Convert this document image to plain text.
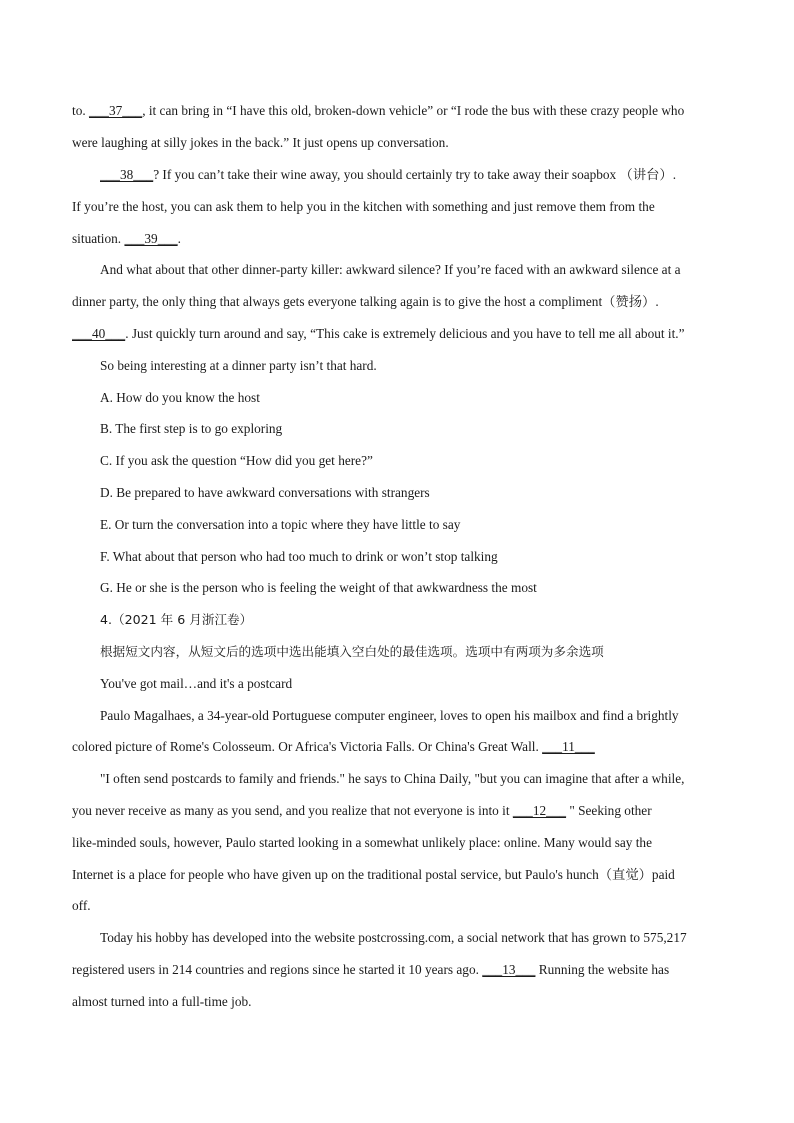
to. ___37___, it can bring in “I have this old, broken-down vehicle” or “I rode the bus with these crazy people who
were laughing at silly jokes in the back.” It just opens up conversation.
___38___? If you can’t take their wine away, you should certainly try to take away their soapbox （讲台）.
If you’re the host, you can ask them to help you in the kitchen with something and just remove them from the
situation. ___39___.
And what about that other dinner-party killer: awkward silence? If you’re faced with an awkward silence at a
dinner party, the only thing that always gets everyone talking again is to give the host a compliment（赞扬）.
___40___. Just quickly turn around and say, “This cake is extremely delicious and you have to tell me all about it.”
So being interesting at a dinner party isn’t that hard.
A. How do you know the host
B. The first step is to go exploring
C. If you ask the question “How did you get here?”
D. Be prepared to have awkward conversations with strangers
E. Or turn the conversation into a topic where they have little to say
F. What about that person who had too much to drink or won’t stop talking
G. He or she is the person who is feeling the weight of that awkwardness the most
4.（2021 年 6 月浙江卷）
根据短文内容，从短文后的选项中选出能填入空白处的最佳选项。选项中有两项为多余选项
You've got mail…and it's a postcard
Paulo Magalhaes, a 34-year-old Portuguese computer engineer, loves to open his mailbox and find a brightly
colored picture of Rome's Colosseum. Or Africa's Victoria Falls. Or China's Great Wall. ___11___
"I often send postcards to family and friends." he says to China Daily, "but you can imagine that after a while,
you never receive as many as you send, and you realize that not everyone is into it ___12___ " Seeking other
like-minded souls, however, Paulo started looking in a somewhat unlikely place: online. Many would say the
Internet is a place for people who have given up on the traditional postal service, but Paulo's hunch（直觉）paid
off.
Today his hobby has developed into the website postcrossing.com, a social network that has grown to 575,217
registered users in 214 countries and regions since he started it 10 years ago. ___13___ Running the website has
almost turned into a full-time job.
